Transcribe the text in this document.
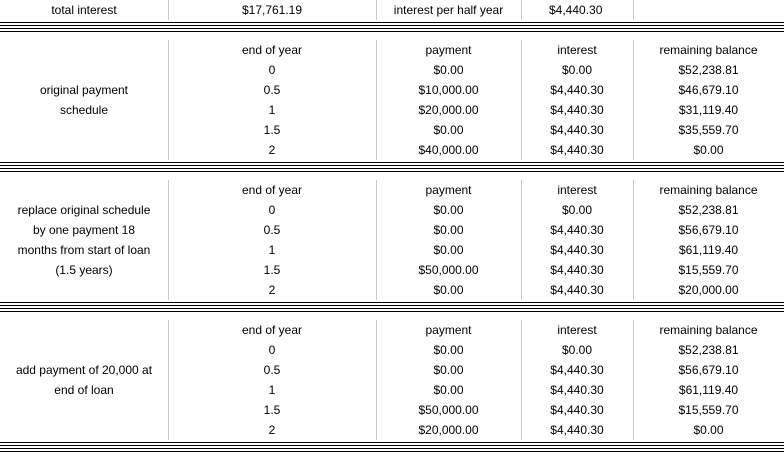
total interest	$17,761.19	interest per half year	$4,440.30
end of year	payment	interest	remaining balance
0	$0.00	$0.00	$52,238.81
0.5	$10,000.00	$4,440.30	$46,679.10
1	$20,000.00	$4,440.30	$31,119.40
1.5	$0.00	$4,440.30	$35,559.70
2	$40,000.00	$4,440.30	$0.00
original payment
schedule
end of year	payment	interest	remaining balance
0	$0.00	$0.00	$52,238.81
0.5	$0.00	$4,440.30	$56,679.10
1	$0.00	$4,440.30	$61,119.40
1.5	$50,000.00	$4,440.30	$15,559.70
2	$0.00	$4,440.30	$20,000.00
replace original schedule
by one payment 18
months from start of loan
(1.5 years)
end of year	payment	interest	remaining balance
0	$0.00	$0.00	$52,238.81
0.5	$0.00	$4,440.30	$56,679.10
1	$0.00	$4,440.30	$61,119.40
1.5	$50,000.00	$4,440.30	$15,559.70
2	$20,000.00	$4,440.30	$0.00
add payment of 20,000 at
end of loan
